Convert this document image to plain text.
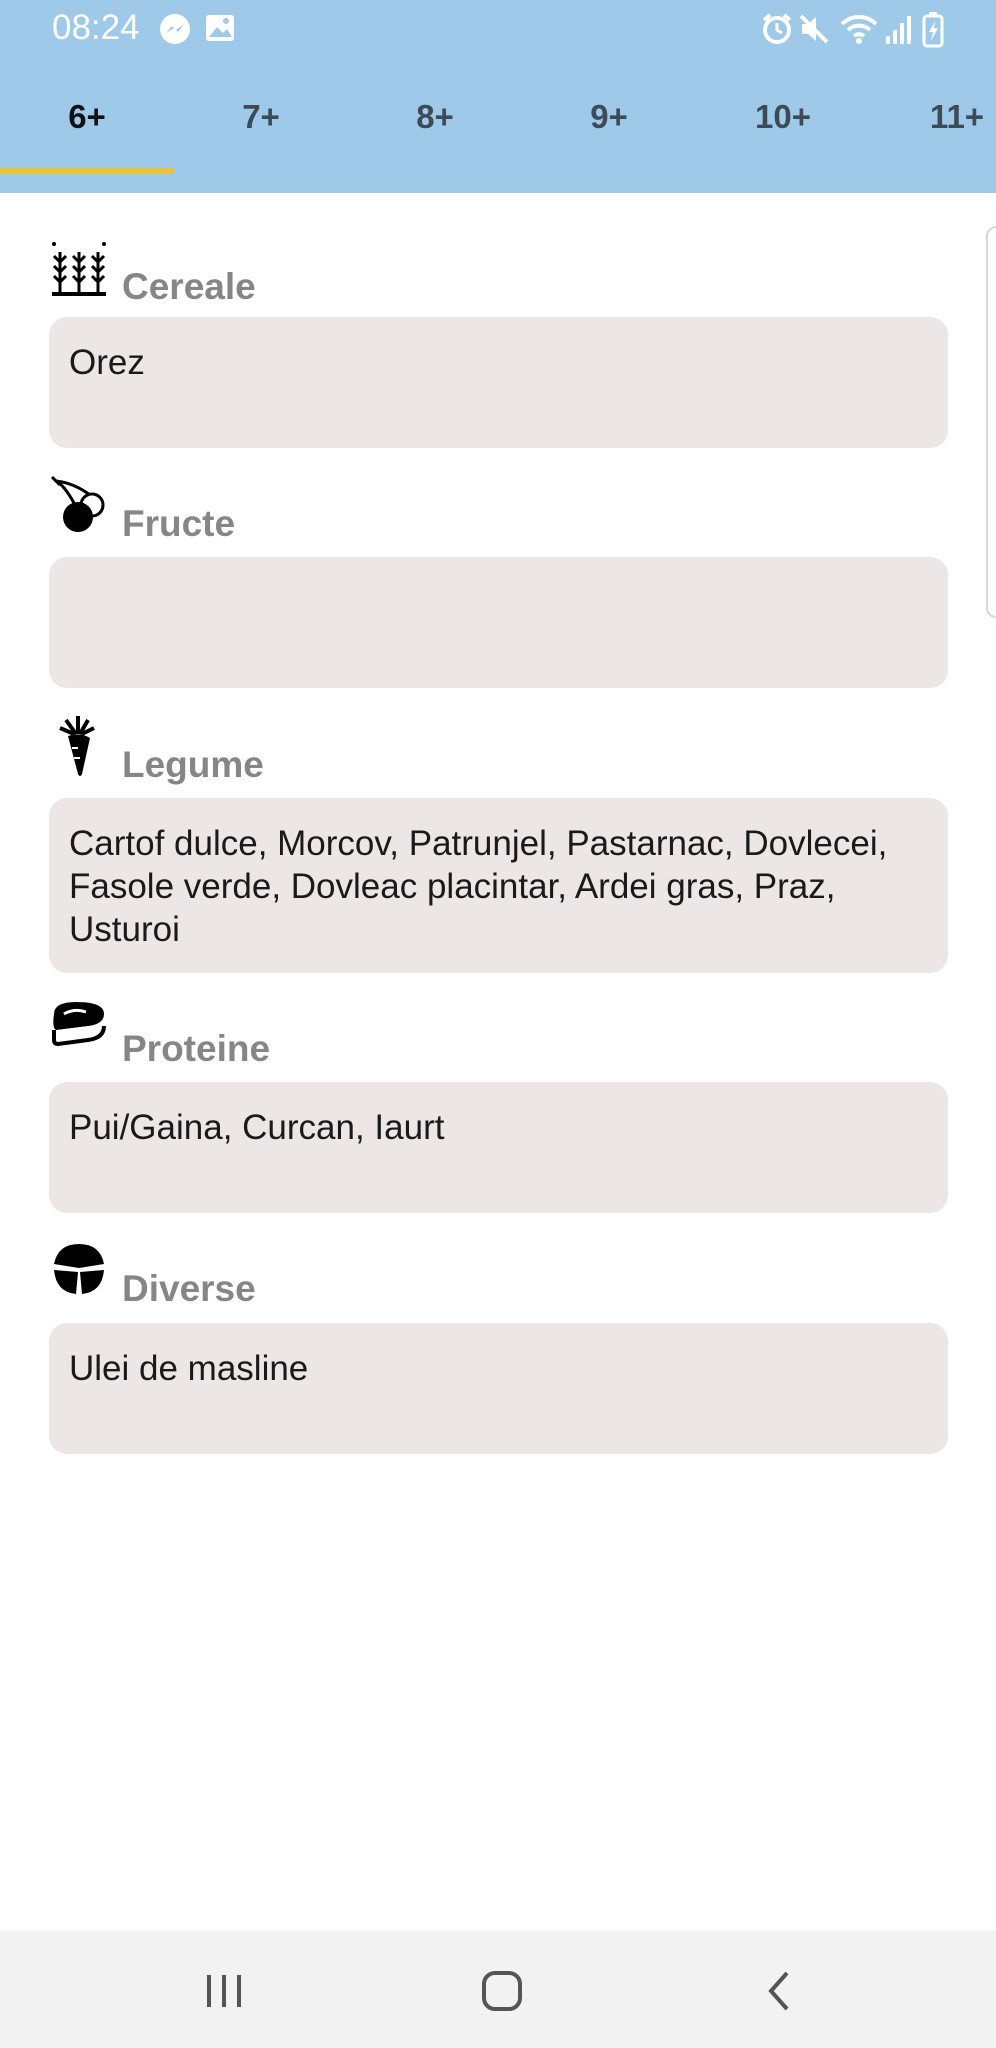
08:24
6+	7+	8+	9+	10+	11+
Cereale
Orez
Fructe
Legume
Cartof dulce, Morcov, Patrunjel, Pastarnac, Dovlecei, Fasole verde, Dovleac placintar, Ardei gras, Praz, Usturoi
Proteine
Pui/Gaina, Curcan, Iaurt
Diverse
Ulei de masline
